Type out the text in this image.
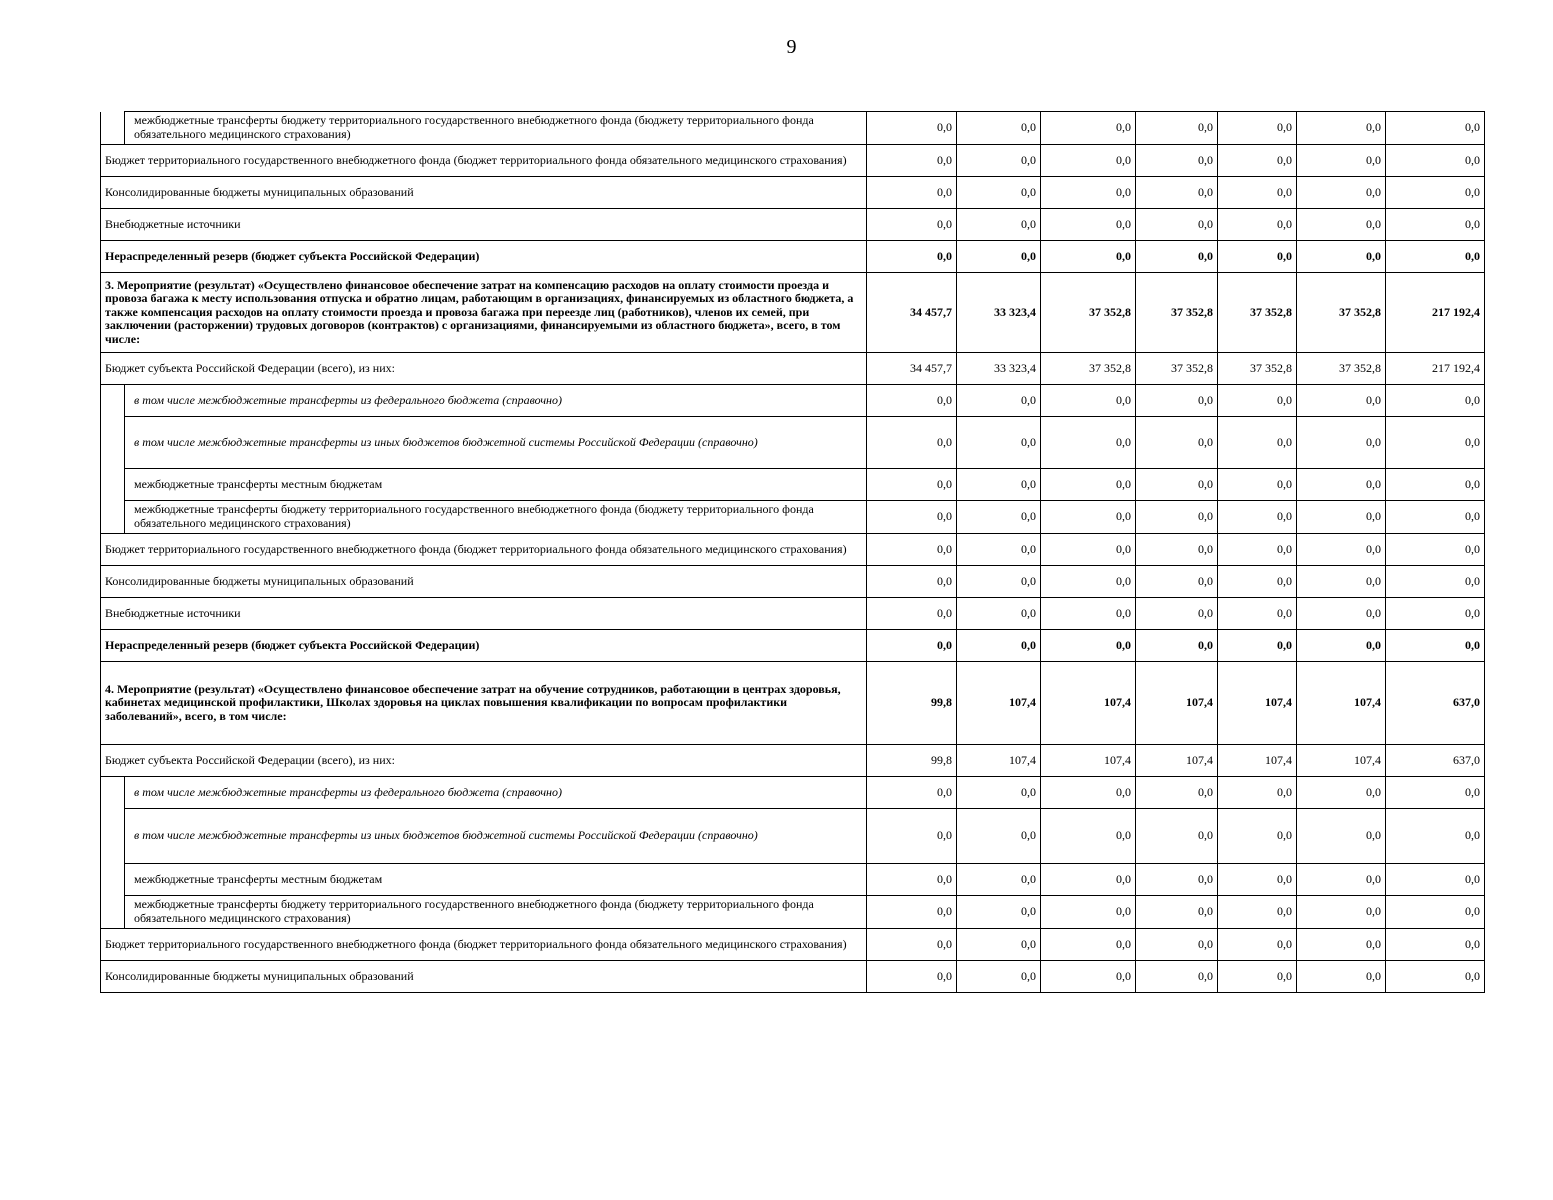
9
	межбюджетные трансферты бюджету территориального государственного внебюджетного фонда (бюджету территориального фонда обязательного медицинского страхования)	0,0	0,0	0,0	0,0	0,0	0,0	0,0
Бюджет территориального государственного внебюджетного фонда (бюджет территориального фонда обязательного медицинского страхования)		0,0	0,0	0,0	0,0	0,0	0,0	0,0
Консолидированные бюджеты муниципальных образований		0,0	0,0	0,0	0,0	0,0	0,0	0,0
Внебюджетные источники		0,0	0,0	0,0	0,0	0,0	0,0	0,0
Нераспределенный резерв (бюджет субъекта Российской Федерации)		0,0	0,0	0,0	0,0	0,0	0,0	0,0
3. Мероприятие (результат) «Осуществлено финансовое обеспечение затрат на компенсацию расходов на оплату стоимости проезда и провоза багажа к месту использования отпуска и обратно лицам, работающим в организациях, финансируемых из областного бюджета, а также компенсация расходов на оплату стоимости проезда и провоза багажа при переезде лиц (работников), членов их семей, при заключении (расторжении) трудовых договоров (контрактов) с организациями, финансируемыми из областного бюджета», всего, в том числе:		34 457,7	33 323,4	37 352,8	37 352,8	37 352,8	37 352,8	217 192,4
Бюджет субъекта Российской Федерации (всего), из них:		34 457,7	33 323,4	37 352,8	37 352,8	37 352,8	37 352,8	217 192,4
	в том числе межбюджетные трансферты из федерального бюджета (справочно)	0,0	0,0	0,0	0,0	0,0	0,0	0,0
	в том числе межбюджетные трансферты из иных бюджетов бюджетной системы Российской Федерации (справочно)	0,0	0,0	0,0	0,0	0,0	0,0	0,0
	межбюджетные трансферты местным бюджетам	0,0	0,0	0,0	0,0	0,0	0,0	0,0
	межбюджетные трансферты бюджету территориального государственного внебюджетного фонда (бюджету территориального фонда обязательного медицинского страхования)	0,0	0,0	0,0	0,0	0,0	0,0	0,0
Бюджет территориального государственного внебюджетного фонда (бюджет территориального фонда обязательного медицинского страхования)		0,0	0,0	0,0	0,0	0,0	0,0	0,0
Консолидированные бюджеты муниципальных образований		0,0	0,0	0,0	0,0	0,0	0,0	0,0
Внебюджетные источники		0,0	0,0	0,0	0,0	0,0	0,0	0,0
Нераспределенный резерв (бюджет субъекта Российской Федерации)		0,0	0,0	0,0	0,0	0,0	0,0	0,0
4. Мероприятие (результат) «Осуществлено финансовое обеспечение затрат на обучение сотрудников, работающии в центрах здоровья, кабинетах медицинской профилактики, Школах здоровья на циклах повышения квалификации по вопросам профилактики заболеваний», всего, в том числе:		99,8	107,4	107,4	107,4	107,4	107,4	637,0
Бюджет субъекта Российской Федерации (всего), из них:		99,8	107,4	107,4	107,4	107,4	107,4	637,0
	в том числе межбюджетные трансферты из федерального бюджета (справочно)	0,0	0,0	0,0	0,0	0,0	0,0	0,0
	в том числе межбюджетные трансферты из иных бюджетов бюджетной системы Российской Федерации (справочно)	0,0	0,0	0,0	0,0	0,0	0,0	0,0
	межбюджетные трансферты местным бюджетам	0,0	0,0	0,0	0,0	0,0	0,0	0,0
	межбюджетные трансферты бюджету территориального государственного внебюджетного фонда (бюджету территориального фонда обязательного медицинского страхования)	0,0	0,0	0,0	0,0	0,0	0,0	0,0
Бюджет территориального государственного внебюджетного фонда (бюджет территориального фонда обязательного медицинского страхования)		0,0	0,0	0,0	0,0	0,0	0,0	0,0
Консолидированные бюджеты муниципальных образований		0,0	0,0	0,0	0,0	0,0	0,0	0,0
